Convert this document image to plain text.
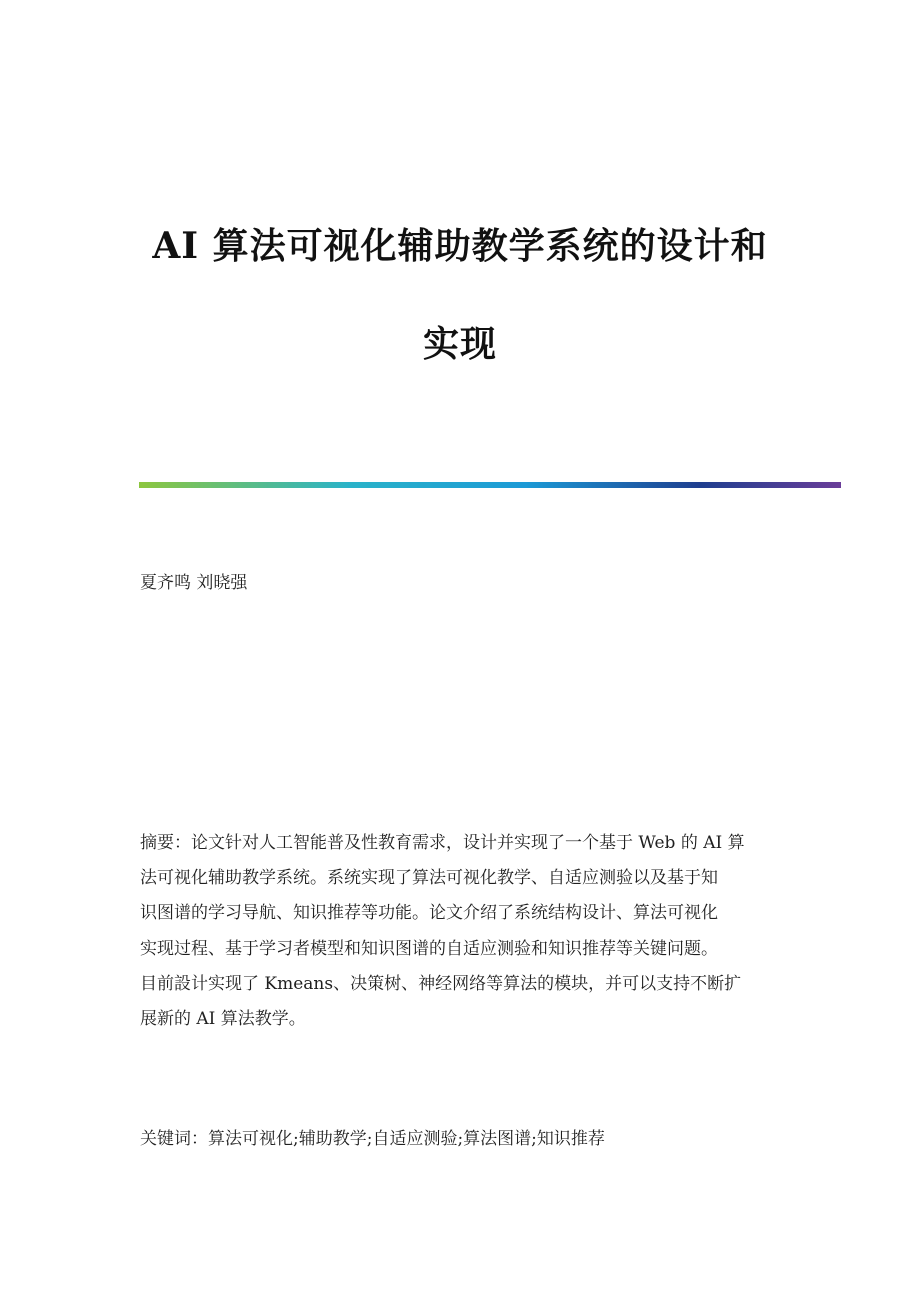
AI 算法可视化辅助教学系统的设计和
实现
夏齐鸣 刘晓强
摘要：论文针对人工智能普及性教育需求，设计并实现了一个基于 Web 的 AI 算
法可视化辅助教学系统。系统实现了算法可视化教学、自适应测验以及基于知
识图谱的学习导航、知识推荐等功能。论文介绍了系统结构设计、算法可视化
实现过程、基于学习者模型和知识图谱的自适应测验和知识推荐等关键问题。
目前設计实现了 Kmeans、决策树、神经网络等算法的模块，并可以支持不断扩
展新的 AI 算法教学。
关键词：算法可视化;辅助教学;自适应测验;算法图谱;知识推荐
